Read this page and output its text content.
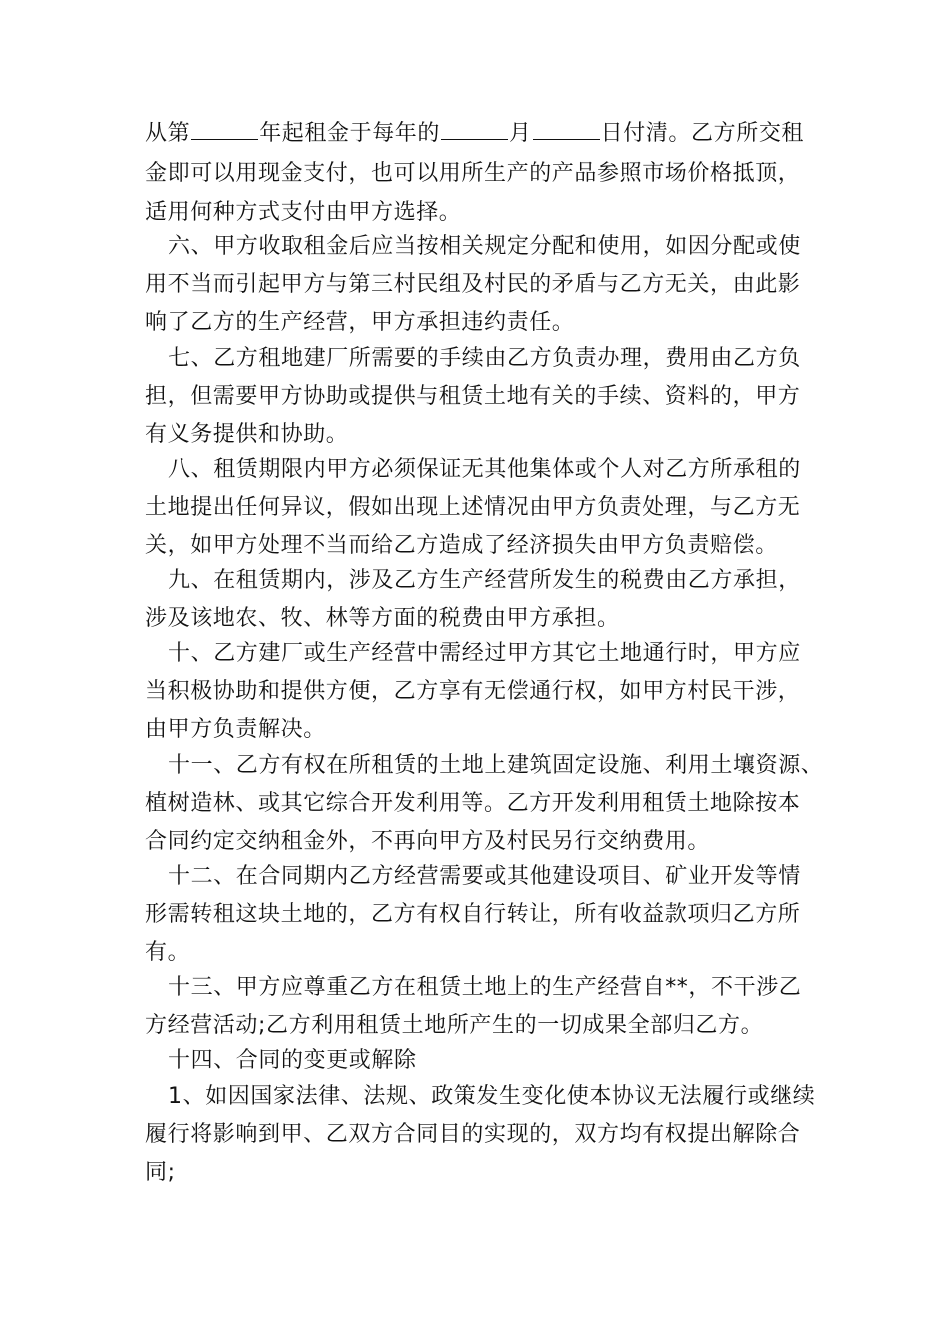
从第	年起租金于每年的	月	日付清。乙方所交租
金即可以用现金支付，也可以用所生产的产品参照市场价格抵顶，
适用何种方式支付由甲方选择。
六、甲方收取租金后应当按相关规定分配和使用，如因分配或使
用不当而引起甲方与第三村民组及村民的矛盾与乙方无关，由此影
响了乙方的生产经营，甲方承担违约责任。
七、乙方租地建厂所需要的手续由乙方负责办理，费用由乙方负
担，但需要甲方协助或提供与租赁土地有关的手续、资料的，甲方
有义务提供和协助。
八、租赁期限内甲方必须保证无其他集体或个人对乙方所承租的
土地提出任何异议，假如出现上述情况由甲方负责处理，与乙方无
关，如甲方处理不当而给乙方造成了经济损失由甲方负责赔偿。
九、在租赁期内，涉及乙方生产经营所发生的税费由乙方承担，
涉及该地农、牧、林等方面的税费由甲方承担。
十、乙方建厂或生产经营中需经过甲方其它土地通行时，甲方应
当积极协助和提供方便，乙方享有无偿通行权，如甲方村民干涉，
由甲方负责解决。
十一、乙方有权在所租赁的土地上建筑固定设施、利用土壤资源、
植树造林、或其它综合开发利用等。乙方开发利用租赁土地除按本
合同约定交纳租金外，不再向甲方及村民另行交纳费用。
十二、在合同期内乙方经营需要或其他建设项目、矿业开发等情
形需转租这块土地的，乙方有权自行转让，所有收益款项归乙方所
有。
十三、甲方应尊重乙方在租赁土地上的生产经营自**，不干涉乙
方经营活动;乙方利用租赁土地所产生的一切成果全部归乙方。
十四、合同的变更或解除
1、如因国家法律、法规、政策发生变化使本协议无法履行或继续
履行将影响到甲、乙双方合同目的实现的，双方均有权提出解除合
同;
